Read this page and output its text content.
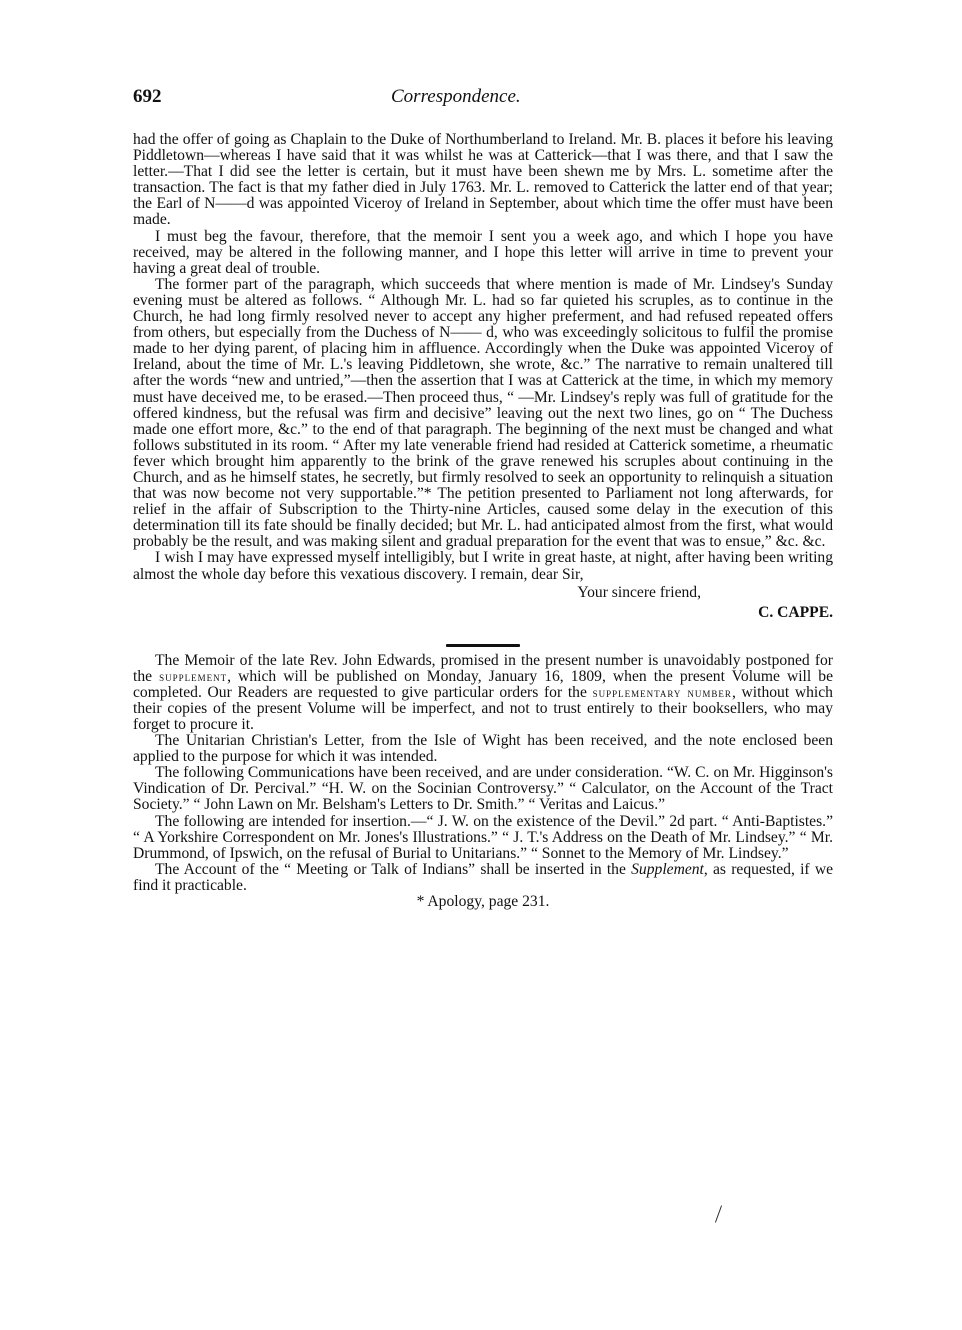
692	Correspondence.

had the offer of going as Chaplain to the Duke of Northumberland to Ireland. Mr. B. places it before his leaving Piddletown—whereas I have said that it was whilst he was at Catterick—that I was there, and that I saw the letter.—That I did see the letter is certain, but it must have been shewn me by Mrs. L. sometime after the transaction. The fact is that my father died in July 1763. Mr. L. removed to Catterick the latter end of that year; the Earl of N——d was appointed Viceroy of Ireland in September, about which time the offer must have been made.

I must beg the favour, therefore, that the memoir I sent you a week ago, and which I hope you have received, may be altered in the following manner, and I hope this letter will arrive in time to prevent your having a great deal of trouble.

The former part of the paragraph, which succeeds that where mention is made of Mr. Lindsey's Sunday evening must be altered as follows. “ Although Mr. L. had so far quieted his scruples, as to continue in the Church, he had long firmly resolved never to accept any higher preferment, and had refused repeated offers from others, but especially from the Duchess of N—— d, who was exceedingly solicitous to fulfil the promise made to her dying parent, of placing him in affluence. Accordingly when the Duke was appointed Viceroy of Ireland, about the time of Mr. L.'s leaving Piddletown, she wrote, &c.” The narrative to remain unaltered till after the words “new and untried,”—then the assertion that I was at Catterick at the time, in which my memory must have deceived me, to be erased.—Then proceed thus, “ —Mr. Lindsey's reply was full of gratitude for the offered kindness, but the refusal was firm and decisive” leaving out the next two lines, go on “ The Duchess made one effort more, &c.” to the end of that paragraph. The beginning of the next must be changed and what follows substituted in its room. “ After my late venerable friend had resided at Catterick sometime, a rheumatic fever which brought him apparently to the brink of the grave renewed his scruples about continuing in the Church, and as he himself states, he secretly, but firmly resolved to seek an opportunity to relinquish a situation that was now become not very supportable.”* The petition presented to Parliament not long afterwards, for relief in the affair of Subscription to the Thirty-nine Articles, caused some delay in the execution of this determination till its fate should be finally decided; but Mr. L. had anticipated almost from the first, what would probably be the result, and was making silent and gradual preparation for the event that was to ensue,” &c. &c.

I wish I may have expressed myself intelligibly, but I write in great haste, at night, after having been writing almost the whole day before this vexatious discovery. I remain, dear Sir,

Your sincere friend,

C. CAPPE.

The Memoir of the late Rev. John Edwards, promised in the present number is unavoidably postponed for the supplement, which will be published on Monday, January 16, 1809, when the present Volume will be completed. Our Readers are requested to give particular orders for the supplementary number, without which their copies of the present Volume will be imperfect, and not to trust entirely to their booksellers, who may forget to procure it.

The Unitarian Christian's Letter, from the Isle of Wight has been received, and the note enclosed been applied to the purpose for which it was intended.

The following Communications have been received, and are under consideration. “W. C. on Mr. Higginson's Vindication of Dr. Percival.” “H. W. on the Socinian Controversy.” “ Calculator, on the Account of the Tract Society.” “ John Lawn on Mr. Belsham's Letters to Dr. Smith.” “ Veritas and Laicus.”

The following are intended for insertion.—“ J. W. on the existence of the Devil.” 2d part. “ Anti-Baptistes.” “ A Yorkshire Correspondent on Mr. Jones's Illustrations.” “ J. T.'s Address on the Death of Mr. Lindsey.” “ Mr. Drummond, of Ipswich, on the refusal of Burial to Unitarians.” “ Sonnet to the Memory of Mr. Lindsey.”

The Account of the “ Meeting or Talk of Indians” shall be inserted in the Supplement, as requested, if we find it practicable.

* Apology, page 231.
